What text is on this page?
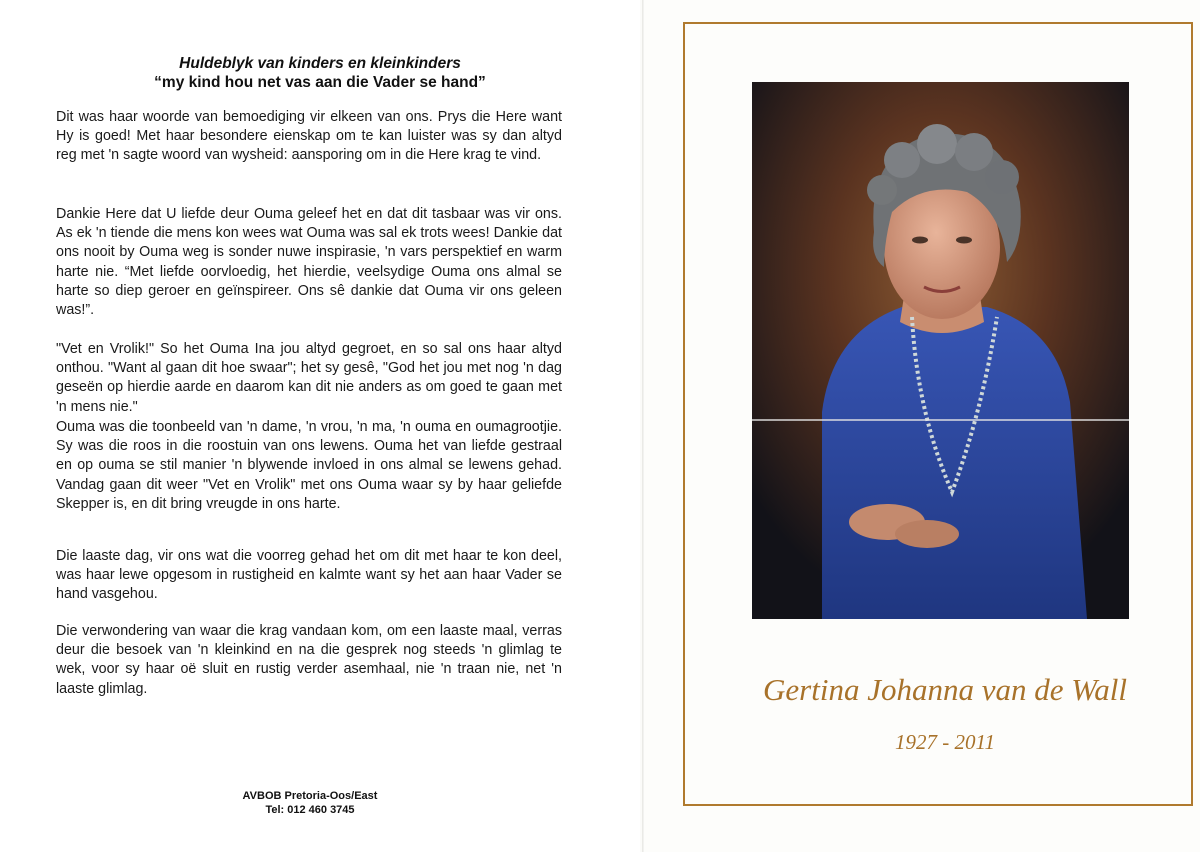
Huldeblyk van kinders en kleinkinders
“my kind hou net vas aan die Vader se hand”

Dit was haar woorde van bemoediging vir elkeen van ons. Prys die Here want Hy is goed! Met haar besondere eienskap om te kan luister was sy dan altyd reg met 'n sagte woord van wysheid: aansporing om in die Here krag te vind.

Dankie Here dat U liefde deur Ouma geleef het en dat dit tasbaar was vir ons. As ek 'n tiende die mens kon wees wat Ouma was sal ek trots wees! Dankie dat ons nooit by Ouma weg is sonder nuwe inspirasie, 'n vars perspektief en warm harte nie. “Met liefde oorvloedig, het hierdie, veelsydige Ouma ons almal se harte so diep geroer en geïnspireer. Ons sê dankie dat Ouma vir ons geleen was!”.

"Vet en Vrolik!" So het Ouma Ina jou altyd gegroet, en so sal ons haar altyd onthou. "Want al gaan dit hoe swaar"; het sy gesê, "God het jou met nog 'n dag geseën op hierdie aarde en daarom kan dit nie anders as om goed te gaan met 'n mens nie."

Ouma was die toonbeeld van 'n dame, 'n vrou, 'n ma, 'n ouma en oumagrootjie. Sy was die roos in die roostuin van ons lewens. Ouma het van liefde gestraal en op ouma se stil manier 'n blywende invloed in ons almal se lewens gehad. Vandag gaan dit weer "Vet en Vrolik" met ons Ouma waar sy by haar geliefde Skepper is, en dit bring vreugde in ons harte.

Die laaste dag, vir ons wat die voorreg gehad het om dit met haar te kon deel, was haar lewe opgesom in rustigheid en kalmte want sy het aan haar Vader se hand vasgehou.

Die verwondering van waar die krag vandaan kom, om een laaste maal, verras deur die besoek van 'n kleinkind en na die gesprek nog steeds 'n glimlag te wek, voor sy haar oë sluit en rustig verder asemhaal, nie 'n traan nie, net 'n laaste glimlag.

AVBOB Pretoria-Oos/East
Tel: 012 460 3745
Gertina Johanna van de Wall
1927 - 2011
